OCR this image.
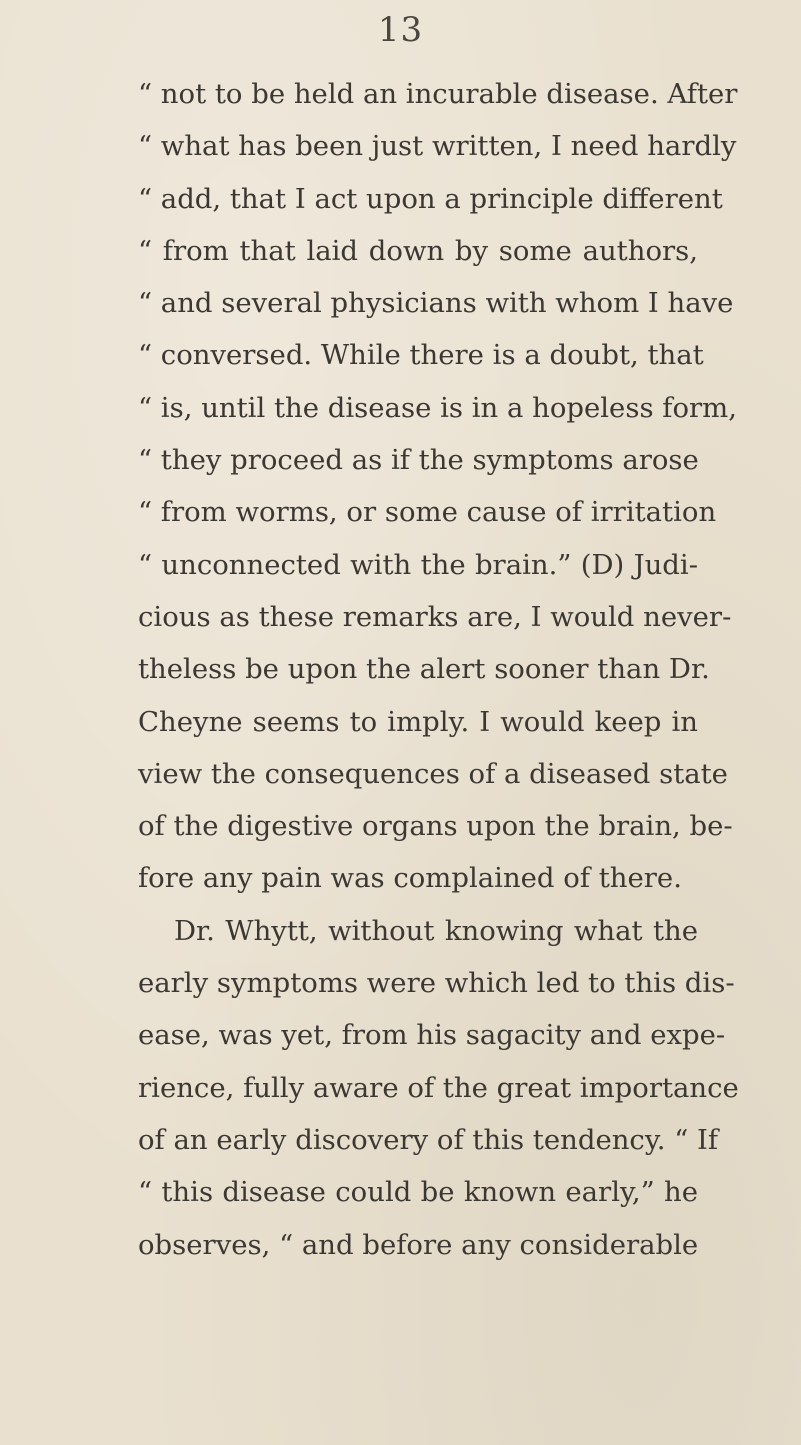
13
“ not to be held an incurable disease. After
“ what has been just written, I need hardly
“ add, that I act upon a principle different
“ from that laid down by some authors,
“ and several physicians with whom I have
“ conversed. While there is a doubt, that
“ is, until the disease is in a hopeless form,
“ they proceed as if the symptoms arose
“ from worms, or some cause of irritation
“ unconnected with the brain.” (D) Judi-
cious as these remarks are, I would never-
theless be upon the alert sooner than Dr.
Cheyne seems to imply. I would keep in
view the consequences of a diseased state
of the digestive organs upon the brain, be-
fore any pain was complained of there.
Dr. Whytt, without knowing what the
early symptoms were which led to this dis-
ease, was yet, from his sagacity and expe-
rience, fully aware of the great importance
of an early discovery of this tendency. “ If
“ this disease could be known early,” he
observes, “ and before any considerable
